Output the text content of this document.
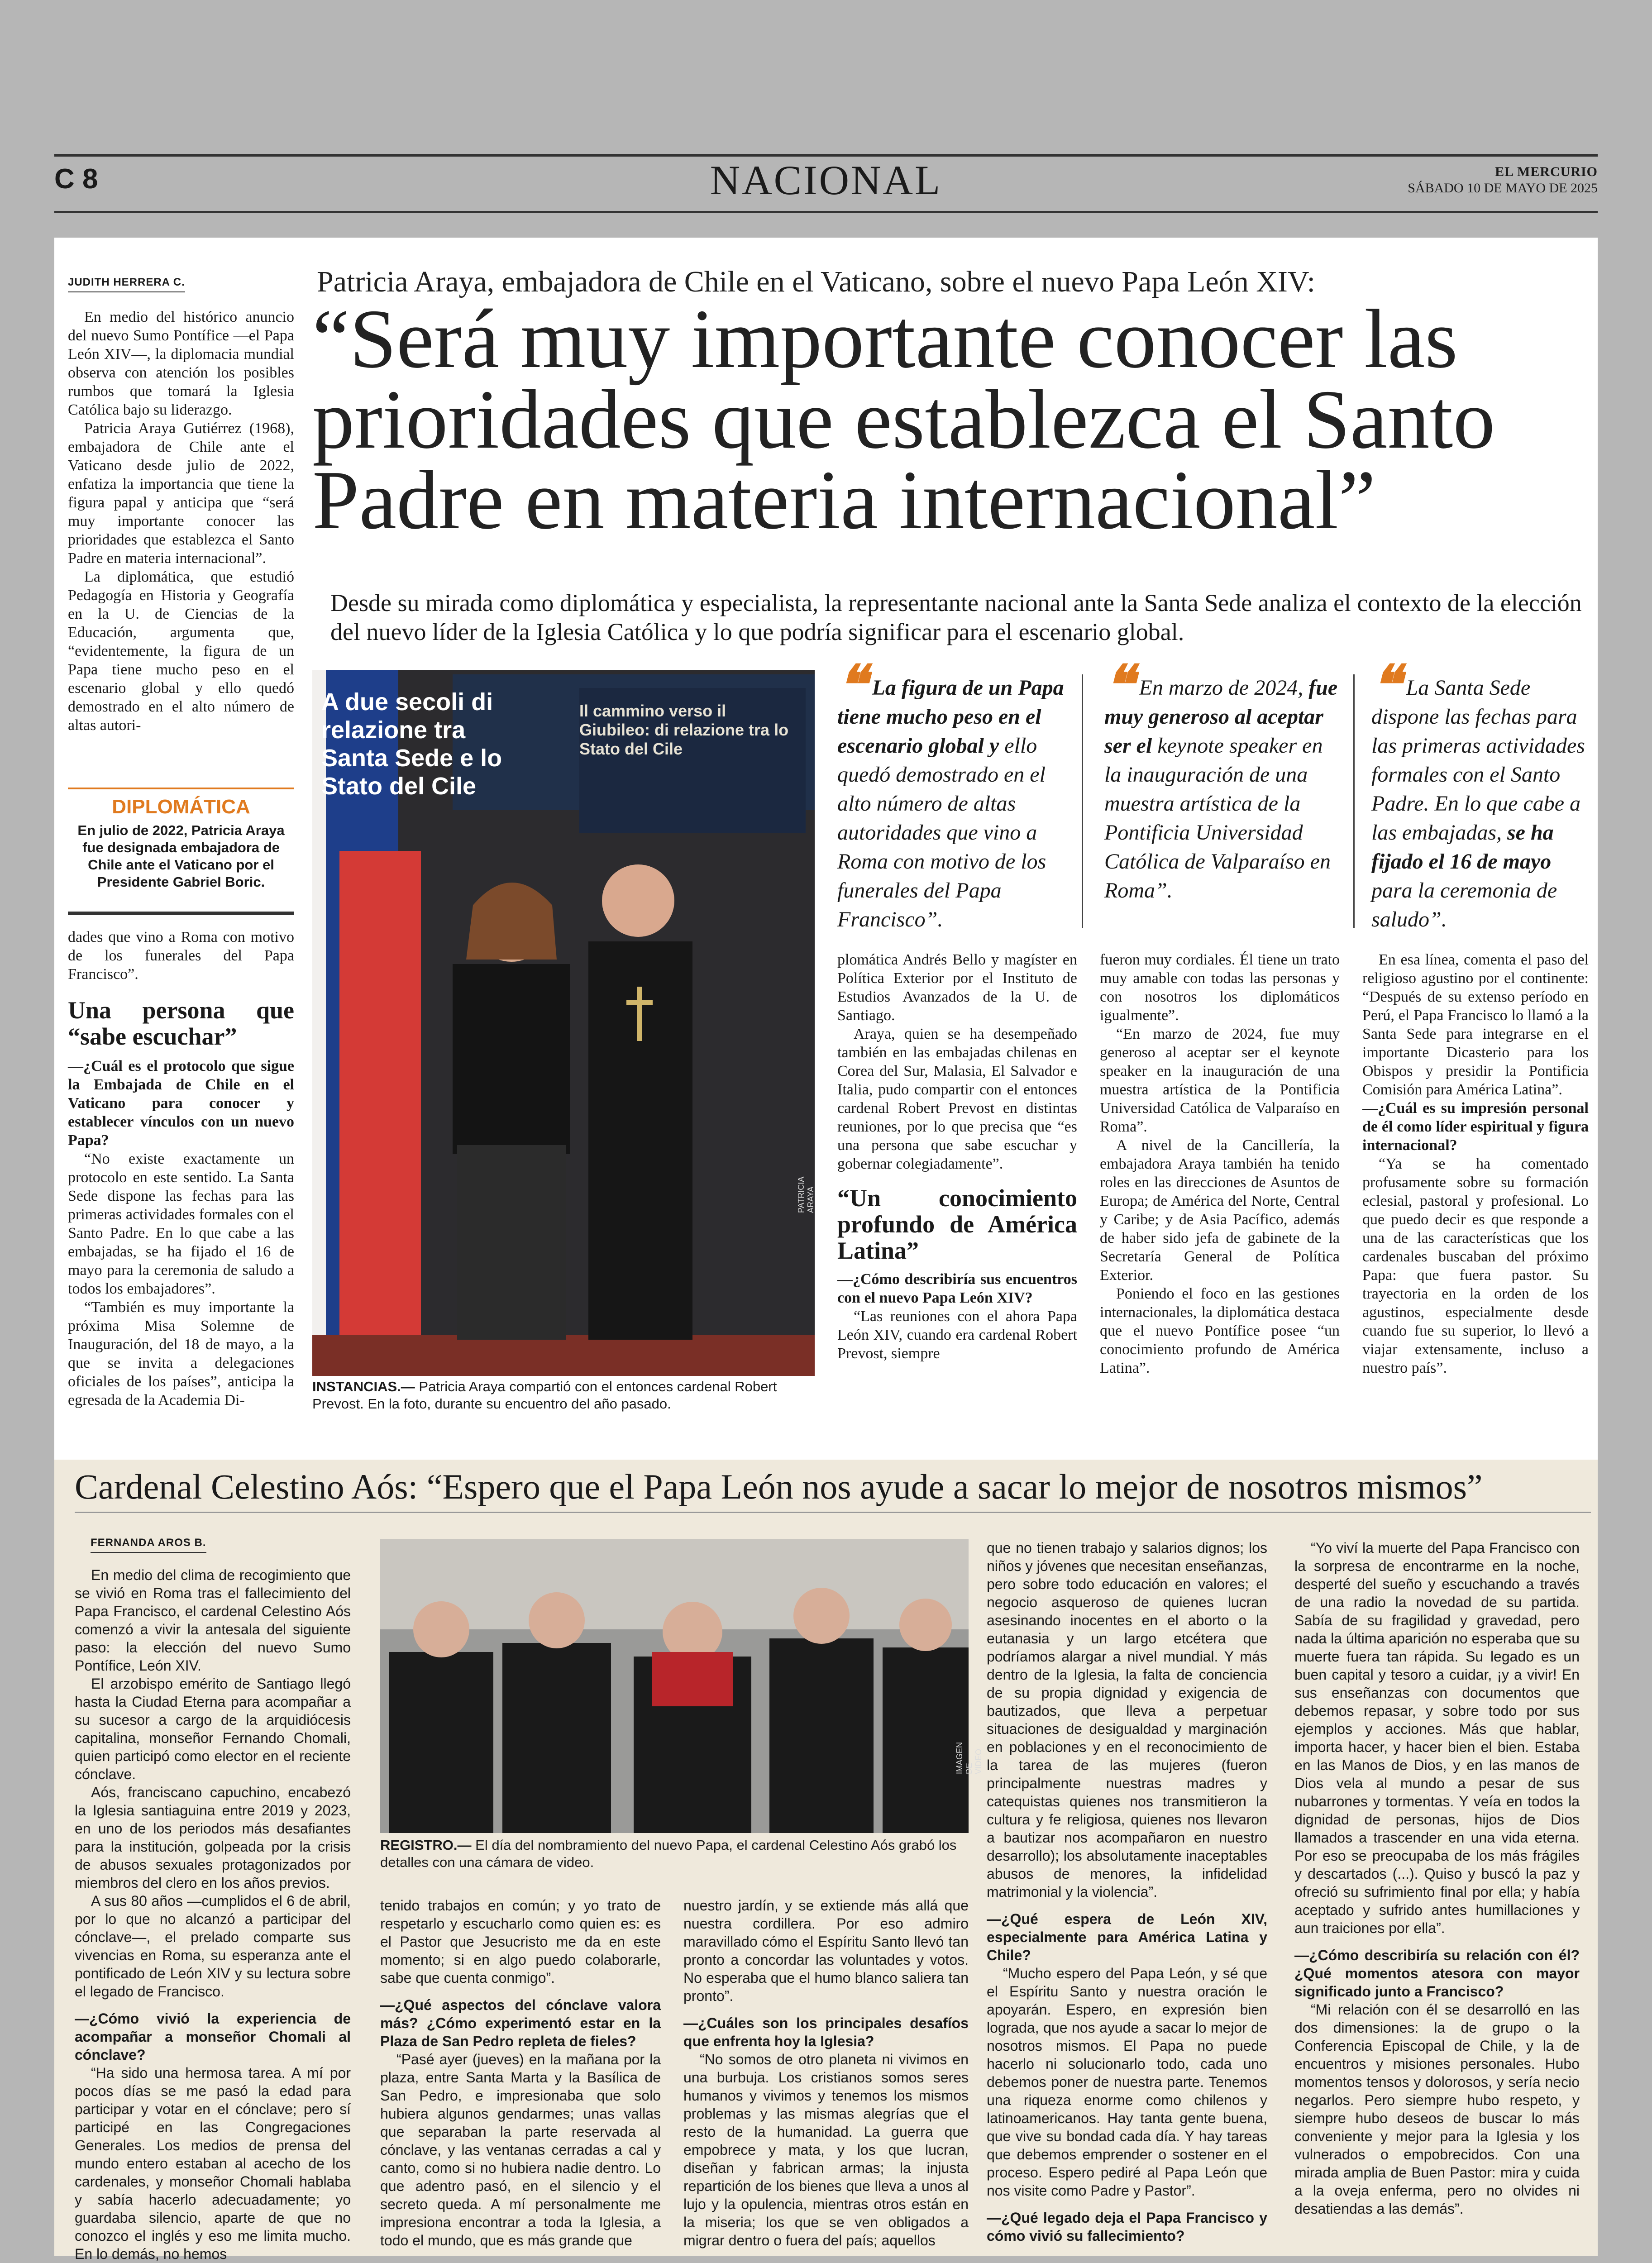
C 8	NACIONAL	EL MERCURIO
SÁBADO 10 DE MAYO DE 2025
JUDITH HERRERA C.

En medio del histórico anuncio del nuevo Sumo Pontífice —el Papa León XIV—, la diplomacia mundial observa con atención los posibles rumbos que tomará la Iglesia Católica bajo su liderazgo.

Patricia Araya Gutiérrez (1968), embajadora de Chile ante el Vaticano desde julio de 2022, enfatiza la importancia que tiene la figura papal y anticipa que “será muy importante conocer las prioridades que establezca el Santo Padre en materia internacional”.

La diplomática, que estudió Pedagogía en Historia y Geografía en la U. de Ciencias de la Educación, argumenta que, “evidentemente, la figura de un Papa tiene mucho peso en el escenario global y ello quedó demostrado en el alto número de altas autori-

DIPLOMÁTICA
En julio de 2022, Patricia Araya fue designada embajadora de Chile ante el Vaticano por el Presidente Gabriel Boric.

dades que vino a Roma con motivo de los funerales del Papa Francisco”.

Una persona que “sabe escuchar”

—¿Cuál es el protocolo que sigue la Embajada de Chile en el Vaticano para conocer y establecer vínculos con un nuevo Papa?

“No existe exactamente un protocolo en este sentido. La Santa Sede dispone las fechas para las primeras actividades formales con el Santo Padre. En lo que cabe a las embajadas, se ha fijado el 16 de mayo para la ceremonia de saludo a todos los embajadores”.

“También es muy importante la próxima Misa Solemne de Inauguración, del 18 de mayo, a la que se invita a delegaciones oficiales de los países”, anticipa la egresada de la Academia Di-

Patricia Araya, embajadora de Chile en el Vaticano, sobre el nuevo Papa León XIV:
“Será muy importante conocer las prioridades que establezca el Santo Padre en materia internacional”
Desde su mirada como diplomática y especialista, la representante nacional ante la Santa Sede analiza el contexto de la elección del nuevo líder de la Iglesia Católica y lo que podría significar para el escenario global.
A due secoli di relazione tra Santa Sede e lo Stato del Cile
Il cammino verso il Giubileo: di relazione tra lo Stato del Cile
PATRICIA ARAYA
INSTANCIAS.— Patricia Araya compartió con el entonces cardenal Robert Prevost. En la foto, durante su encuentro del año pasado.
❝ La figura de un Papa tiene mucho peso en el escenario global y ello quedó demostrado en el alto número de altas autoridades que vino a Roma con motivo de los funerales del Papa Francisco”.
❝ En marzo de 2024, fue muy generoso al aceptar ser el keynote speaker en la inauguración de una muestra artística de la Pontificia Universidad Católica de Valparaíso en Roma”.
❝ La Santa Sede dispone las fechas para las primeras actividades formales con el Santo Padre. En lo que cabe a las embajadas, se ha fijado el 16 de mayo para la ceremonia de saludo”.

plomática Andrés Bello y magíster en Política Exterior por el Instituto de Estudios Avanzados de la U. de Santiago.

Araya, quien se ha desempeñado también en las embajadas chilenas en Corea del Sur, Malasia, El Salvador e Italia, pudo compartir con el entonces cardenal Robert Prevost en distintas reuniones, por lo que precisa que “es una persona que sabe escuchar y gobernar colegiadamente”.

“Un conocimiento profundo de América Latina”

—¿Cómo describiría sus encuentros con el nuevo Papa León XIV?

“Las reuniones con el ahora Papa León XIV, cuando era cardenal Robert Prevost, siempre

fueron muy cordiales. Él tiene un trato muy amable con todas las personas y con nosotros los diplomáticos igualmente”.

“En marzo de 2024, fue muy generoso al aceptar ser el keynote speaker en la inauguración de una muestra artística de la Pontificia Universidad Católica de Valparaíso en Roma”.

A nivel de la Cancillería, la embajadora Araya también ha tenido roles en las direcciones de Asuntos de Europa; de América del Norte, Central y Caribe; y de Asia Pacífico, además de haber sido jefa de gabinete de la Secretaría General de Política Exterior.

Poniendo el foco en las gestiones internacionales, la diplomática destaca que el nuevo Pontífice posee “un conocimiento profundo de América Latina”.

En esa línea, comenta el paso del religioso agustino por el continente: “Después de su extenso período en Perú, el Papa Francisco lo llamó a la Santa Sede para integrarse en el importante Dicasterio para los Obispos y presidir la Pontificia Comisión para América Latina”.

—¿Cuál es su impresión personal de él como líder espiritual y figura internacional?

“Ya se ha comentado profusamente sobre su formación eclesial, pastoral y profesional. Lo que puedo decir es que responde a una de las características que los cardenales buscaban del próximo Papa: que fuera pastor. Su trayectoria en la orden de los agustinos, especialmente desde cuando fue su superior, lo llevó a viajar extensamente, incluso a nuestro país”.

Cardenal Celestino Aós: “Espero que el Papa León nos ayude a sacar lo mejor de nosotros mismos”
FERNANDA AROS B.

En medio del clima de recogimiento que se vivió en Roma tras el fallecimiento del Papa Francisco, el cardenal Celestino Aós comenzó a vivir la antesala del siguiente paso: la elección del nuevo Sumo Pontífice, León XIV.

El arzobispo emérito de Santiago llegó hasta la Ciudad Eterna para acompañar a su sucesor a cargo de la arquidiócesis capitalina, monseñor Fernando Chomali, quien participó como elector en el reciente cónclave.

Aós, franciscano capuchino, encabezó la Iglesia santiaguina entre 2019 y 2023, en uno de los periodos más desafiantes para la institución, golpeada por la crisis de abusos sexuales protagonizados por miembros del clero en los años previos.

A sus 80 años —cumplidos el 6 de abril, por lo que no alcanzó a participar del cónclave—, el prelado comparte sus vivencias en Roma, su esperanza ante el pontificado de León XIV y su lectura sobre el legado de Francisco.

—¿Cómo vivió la experiencia de acompañar a monseñor Chomali al cónclave?

“Ha sido una hermosa tarea. A mí por pocos días se me pasó la edad para participar y votar en el cónclave; pero sí participé en las Congregaciones Generales. Los medios de prensa del mundo entero estaban al acecho de los cardenales, y monseñor Chomali hablaba y sabía hacerlo adecuadamente; yo guardaba silencio, aparte de que no conozco el inglés y eso me limita mucho. En lo demás, no hemos

IMAGEN DE VIDEO
REGISTRO.— El día del nombramiento del nuevo Papa, el cardenal Celestino Aós grabó los detalles con una cámara de video.

tenido trabajos en común; y yo trato de respetarlo y escucharlo como quien es: es el Pastor que Jesucristo me da en este momento; si en algo puedo colaborarle, sabe que cuenta conmigo”.

—¿Qué aspectos del cónclave valora más? ¿Cómo experimentó estar en la Plaza de San Pedro repleta de fieles?

“Pasé ayer (jueves) en la mañana por la plaza, entre Santa Marta y la Basílica de San Pedro, e impresionaba que solo hubiera algunos gendarmes; unas vallas que separaban la parte reservada al cónclave, y las ventanas cerradas a cal y canto, como si no hubiera nadie dentro. Lo que adentro pasó, en el silencio y el secreto queda. A mí personalmente me impresiona encontrar a toda la Iglesia, a todo el mundo, que es más grande que

nuestro jardín, y se extiende más allá que nuestra cordillera. Por eso admiro maravillado cómo el Espíritu Santo llevó tan pronto a concordar las voluntades y votos. No esperaba que el humo blanco saliera tan pronto”.

—¿Cuáles son los principales desafíos que enfrenta hoy la Iglesia?

“No somos de otro planeta ni vivimos en una burbuja. Los cristianos somos seres humanos y vivimos y tenemos los mismos problemas y las mismas alegrías que el resto de la humanidad. La guerra que empobrece y mata, y los que lucran, diseñan y fabrican armas; la injusta repartición de los bienes que lleva a unos al lujo y la opulencia, mientras otros están en la miseria; los que se ven obligados a migrar dentro o fuera del país; aquellos

que no tienen trabajo y salarios dignos; los niños y jóvenes que necesitan enseñanzas, pero sobre todo educación en valores; el negocio asqueroso de quienes lucran asesinando inocentes en el aborto o la eutanasia y un largo etcétera que podríamos alargar a nivel mundial. Y más dentro de la Iglesia, la falta de conciencia de su propia dignidad y exigencia de bautizados, que lleva a perpetuar situaciones de desigualdad y marginación en poblaciones y en el reconocimiento de la tarea de las mujeres (fueron principalmente nuestras madres y catequistas quienes nos transmitieron la cultura y fe religiosa, quienes nos llevaron a bautizar nos acompañaron en nuestro desarrollo); los absolutamente inaceptables abusos de menores, la infidelidad matrimonial y la violencia”.

—¿Qué espera de León XIV, especialmente para América Latina y Chile?

“Mucho espero del Papa León, y sé que el Espíritu Santo y nuestra oración le apoyarán. Espero, en expresión bien lograda, que nos ayude a sacar lo mejor de nosotros mismos. El Papa no puede hacerlo ni solucionarlo todo, cada uno debemos poner de nuestra parte. Tenemos una riqueza enorme como chilenos y latinoamericanos. Hay tanta gente buena, que vive su bondad cada día. Y hay tareas que debemos emprender o sostener en el proceso. Espero pediré al Papa León que nos visite como Padre y Pastor”.

—¿Qué legado deja el Papa Francisco y cómo vivió su fallecimiento?

“Yo viví la muerte del Papa Francisco con la sorpresa de encontrarme en la noche, desperté del sueño y escuchando a través de una radio la novedad de su partida. Sabía de su fragilidad y gravedad, pero nada la última aparición no esperaba que su muerte fuera tan rápida. Su legado es un buen capital y tesoro a cuidar, ¡y a vivir! En sus enseñanzas con documentos que debemos repasar, y sobre todo por sus ejemplos y acciones. Más que hablar, importa hacer, y hacer bien el bien. Estaba en las Manos de Dios, y en las manos de Dios vela al mundo a pesar de sus nubarrones y tormentas. Y veía en todos la dignidad de personas, hijos de Dios llamados a trascender en una vida eterna. Por eso se preocupaba de los más frágiles y descartados (...). Quiso y buscó la paz y ofreció su sufrimiento final por ella; y había aceptado y sufrido antes humillaciones y aun traiciones por ella”.

—¿Cómo describiría su relación con él? ¿Qué momentos atesora con mayor significado junto a Francisco?

“Mi relación con él se desarrolló en las dos dimensiones: la de grupo o la Conferencia Episcopal de Chile, y la de encuentros y misiones personales. Hubo momentos tensos y dolorosos, y sería necio negarlos. Pero siempre hubo respeto, y siempre hubo deseos de buscar lo más conveniente y mejor para la Iglesia y los vulnerados o empobrecidos. Con una mirada amplia de Buen Pastor: mira y cuida a la oveja enferma, pero no olvides ni desatiendas a las demás”.
